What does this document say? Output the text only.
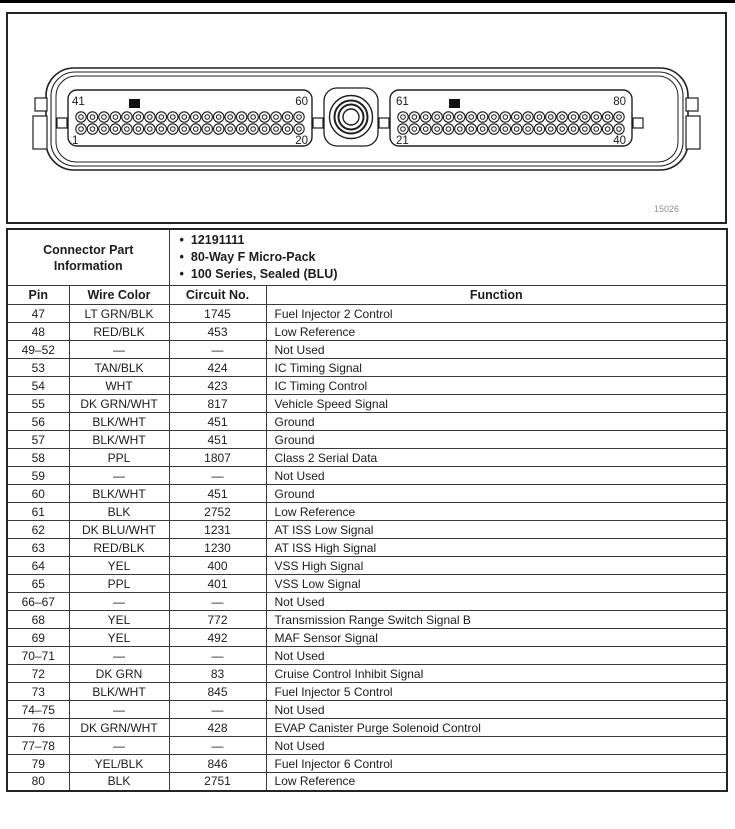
41	60
1	20
61	80
21	40
15026
Connector Part Information		• 12191111
• 80-Way F Micro-Pack
• 100 Series, Sealed (BLU)	

Pin	Wire Color	Circuit No.	Function
47	LT GRN/BLK	1745	Fuel Injector 2 Control
48	RED/BLK	453	Low Reference
49–52	—	—	Not Used
53	TAN/BLK	424	IC Timing Signal
54	WHT	423	IC Timing Control
55	DK GRN/WHT	817	Vehicle Speed Signal
56	BLK/WHT	451	Ground
57	BLK/WHT	451	Ground
58	PPL	1807	Class 2 Serial Data
59	—	—	Not Used
60	BLK/WHT	451	Ground
61	BLK	2752	Low Reference
62	DK BLU/WHT	1231	AT ISS Low Signal
63	RED/BLK	1230	AT ISS High Signal
64	YEL	400	VSS High Signal
65	PPL	401	VSS Low Signal
66–67	—	—	Not Used
68	YEL	772	Transmission Range Switch Signal B
69	YEL	492	MAF Sensor Signal
70–71	—	—	Not Used
72	DK GRN	83	Cruise Control Inhibit Signal
73	BLK/WHT	845	Fuel Injector 5 Control
74–75	—	—	Not Used
76	DK GRN/WHT	428	EVAP Canister Purge Solenoid Control
77–78	—	—	Not Used
79	YEL/BLK	846	Fuel Injector 6 Control
80	BLK	2751	Low Reference
